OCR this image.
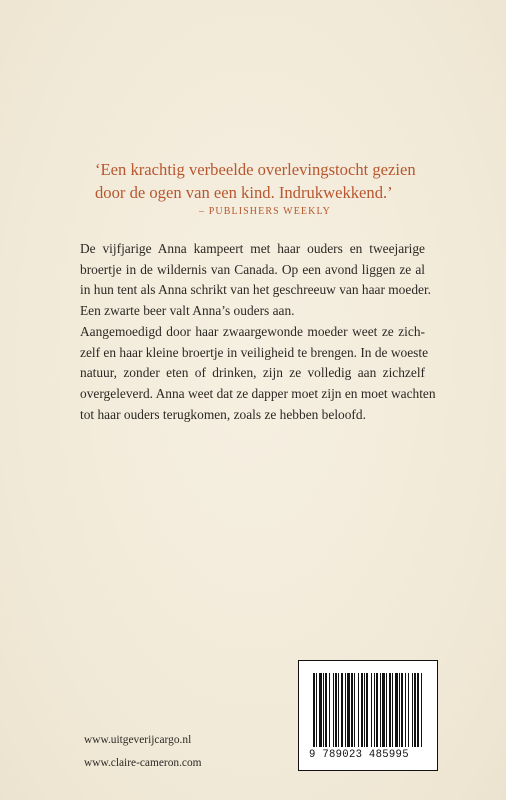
‘Een krachtig verbeelde overlevingstocht gezien

door de ogen van een kind. Indrukwekkend.’

– PUBLISHERS WEEKLY
De vijfjarige Anna kampeert met haar ouders en tweejarige
broertje in de wildernis van Canada. Op een avond liggen ze al
in hun tent als Anna schrikt van het geschreeuw van haar moeder.
Een zwarte beer valt Anna’s ouders aan.
Aangemoedigd door haar zwaargewonde moeder weet ze zich-
zelf en haar kleine broertje in veiligheid te brengen. In de woeste
natuur, zonder eten of drinken, zijn ze volledig aan zichzelf
overgeleverd. Anna weet dat ze dapper moet zijn en moet wachten
tot haar ouders terugkomen, zoals ze hebben beloofd.
www.uitgeverijcargo.nl
www.claire-cameron.com
9 789023 485995
